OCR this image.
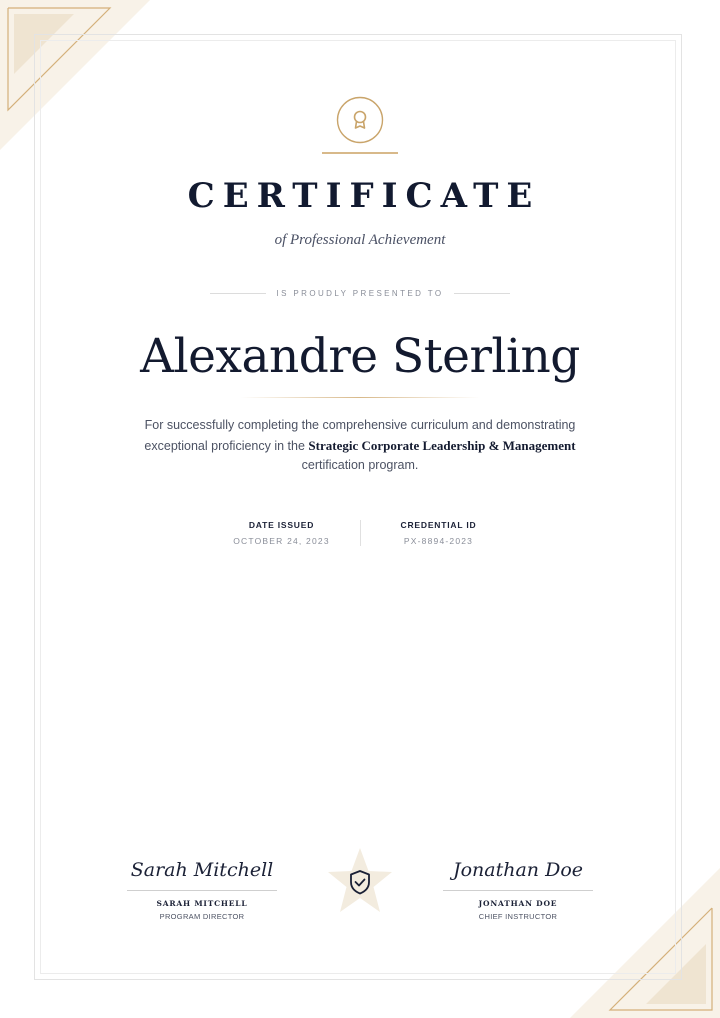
CERTIFICATE
of Professional Achievement
IS PROUDLY PRESENTED TO
Alexandre Sterling
For successfully completing the comprehensive curriculum and demonstrating exceptional proficiency in the Strategic Corporate Leadership & Management certification program.
DATE ISSUED
OCTOBER 24, 2023
CREDENTIAL ID
PX-8894-2023
Sarah Mitchell
SARAH MITCHELL
PROGRAM DIRECTOR
Jonathan Doe
JONATHAN DOE
CHIEF INSTRUCTOR
